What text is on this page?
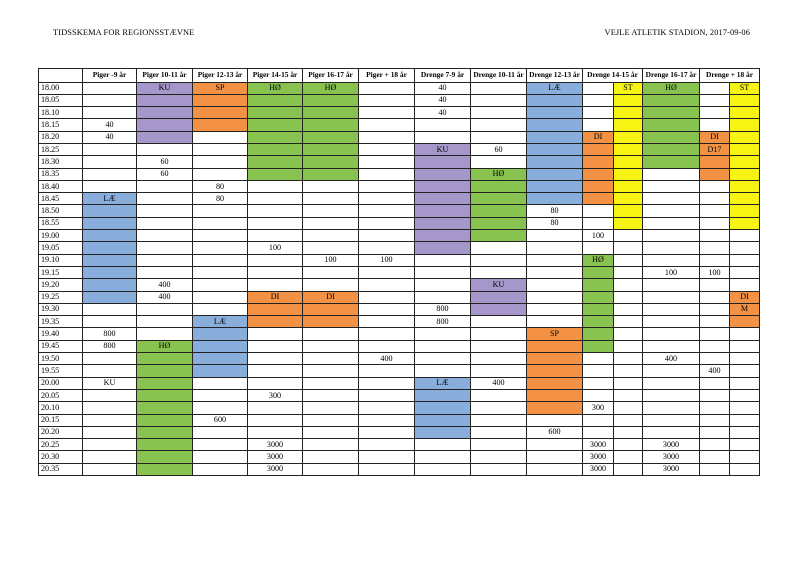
TIDSSKEMA FOR REGIONSSTÆVNE	VEJLE ATLETIK STADION, 2017-09-06
	Piger -9 år	Piger 10-11 år	Piger 12-13 år	Piger 14-15 år	Piger 16-17 år	Piger + 18 år	Drenge 7-9 år	Drenge 10-11 år	Drenge 12-13 år	Drenge 14-15 år		Drenge 16-17 år	Drenge + 18 år	
18.00		KU	SP	HØ	HØ		40		LÆ		ST	HØ		ST
18.05							40							
18.10							40							
18.15	40													
18.20	40									DI			DI	
18.25							KU	60					D17	
18.30		60												
18.35		60						HØ						
18.40			80											
18.45	LÆ		80											
18.50									80					
18.55									80					
19.00										100				
19.05				100										
19.10					100	100				HØ				
19.15												100	100	
19.20		400						KU						
19.25		400		DI	DI									DI
19.30							800							M
19.35			LÆ				800							
19.40	800								SP					
19.45	800	HØ												
19.50						400						400		
19.55													400	
20.00	KU						LÆ	400						
20.05				300										
20.10										300				
20.15			600											
20.20									600					
20.25				3000						3000		3000		
20.30				3000						3000		3000		
20.35				3000						3000		3000		
